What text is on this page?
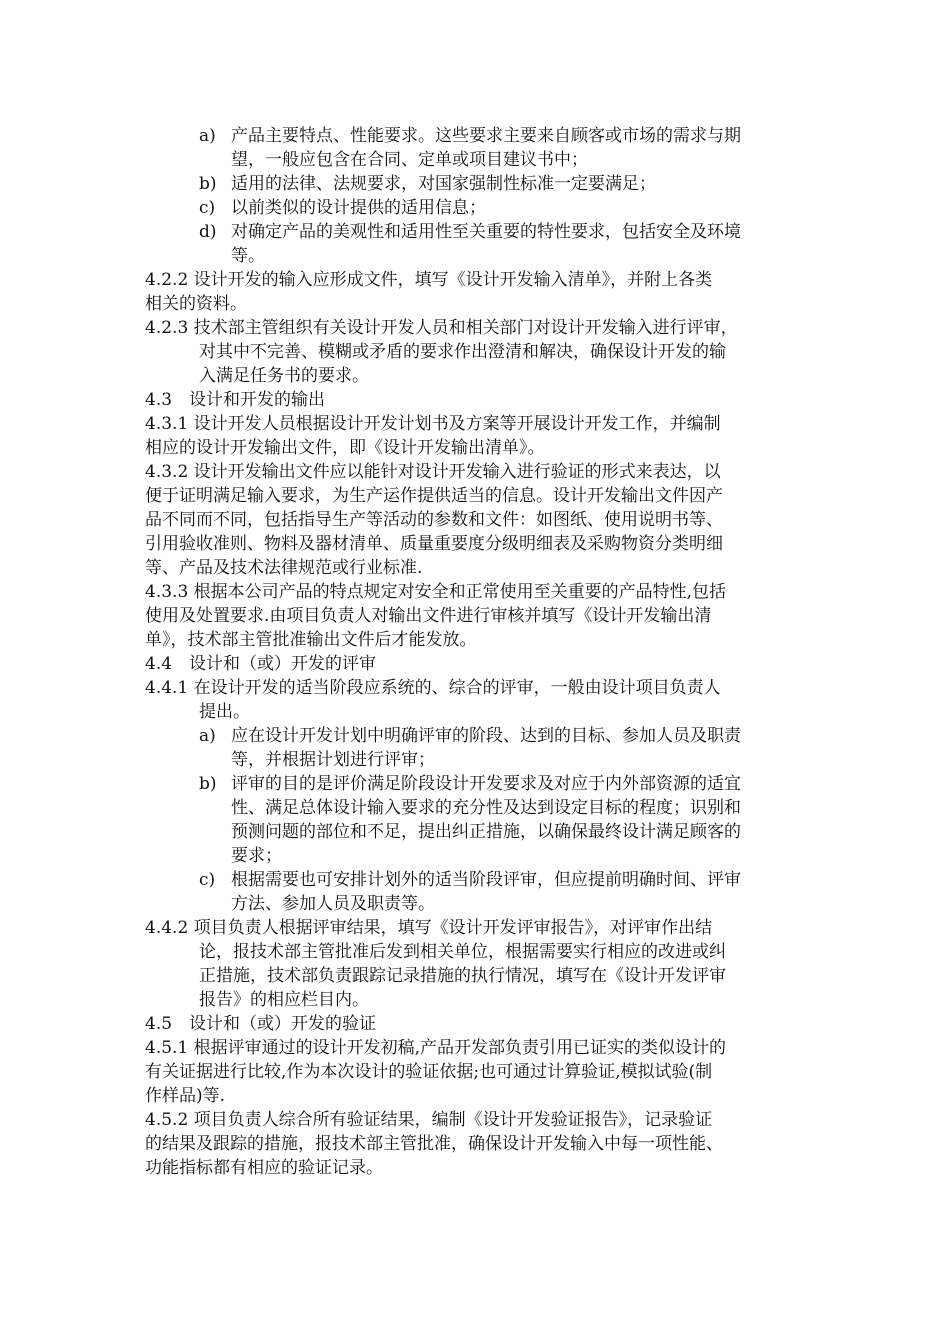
a) 产品主要特点、性能要求。这些要求主要来自顾客或市场的需求与期
望，一般应包含在合同、定单或项目建议书中；
b) 适用的法律、法规要求，对国家强制性标准一定要满足；
c) 以前类似的设计提供的适用信息；
d) 对确定产品的美观性和适用性至关重要的特性要求，包括安全及环境
等。
4.2.2 设计开发的输入应形成文件，填写《设计开发输入清单》，并附上各类
相关的资料。
4.2.3 技术部主管组织有关设计开发人员和相关部门对设计开发输入进行评审，
对其中不完善、模糊或矛盾的要求作出澄清和解决，确保设计开发的输
入满足任务书的要求。
4.3　设计和开发的输出
4.3.1 设计开发人员根据设计开发计划书及方案等开展设计开发工作，并编制
相应的设计开发输出文件，即《设计开发输出清单》。
4.3.2 设计开发输出文件应以能针对设计开发输入进行验证的形式来表达，以
便于证明满足输入要求，为生产运作提供适当的信息。设计开发输出文件因产
品不同而不同，包括指导生产等活动的参数和文件：如图纸、使用说明书等、
引用验收准则、物料及器材清单、质量重要度分级明细表及采购物资分类明细
等、产品及技术法律规范或行业标准.
4.3.3 根据本公司产品的特点规定对安全和正常使用至关重要的产品特性,包括
使用及处置要求.由项目负责人对输出文件进行审核并填写《设计开发输出清
单》，技术部主管批准输出文件后才能发放。
4.4　设计和（或）开发的评审
4.4.1 在设计开发的适当阶段应系统的、综合的评审，一般由设计项目负责人
提出。
a) 应在设计开发计划中明确评审的阶段、达到的目标、参加人员及职责
等，并根据计划进行评审；
b) 评审的目的是评价满足阶段设计开发要求及对应于内外部资源的适宜
性、满足总体设计输入要求的充分性及达到设定目标的程度；识别和
预测问题的部位和不足，提出纠正措施，以确保最终设计满足顾客的
要求；
c) 根据需要也可安排计划外的适当阶段评审，但应提前明确时间、评审
方法、参加人员及职责等。
4.4.2 项目负责人根据评审结果，填写《设计开发评审报告》，对评审作出结
论，报技术部主管批准后发到相关单位，根据需要实行相应的改进或纠
正措施，技术部负责跟踪记录措施的执行情况，填写在《设计开发评审
报告》的相应栏目内。
4.5　设计和（或）开发的验证
4.5.1 根据评审通过的设计开发初稿,产品开发部负责引用已证实的类似设计的
有关证据进行比较,作为本次设计的验证依据;也可通过计算验证,模拟试验(制
作样品)等.
4.5.2 项目负责人综合所有验证结果，编制《设计开发验证报告》，记录验证
的结果及跟踪的措施，报技术部主管批准，确保设计开发输入中每一项性能、
功能指标都有相应的验证记录。
